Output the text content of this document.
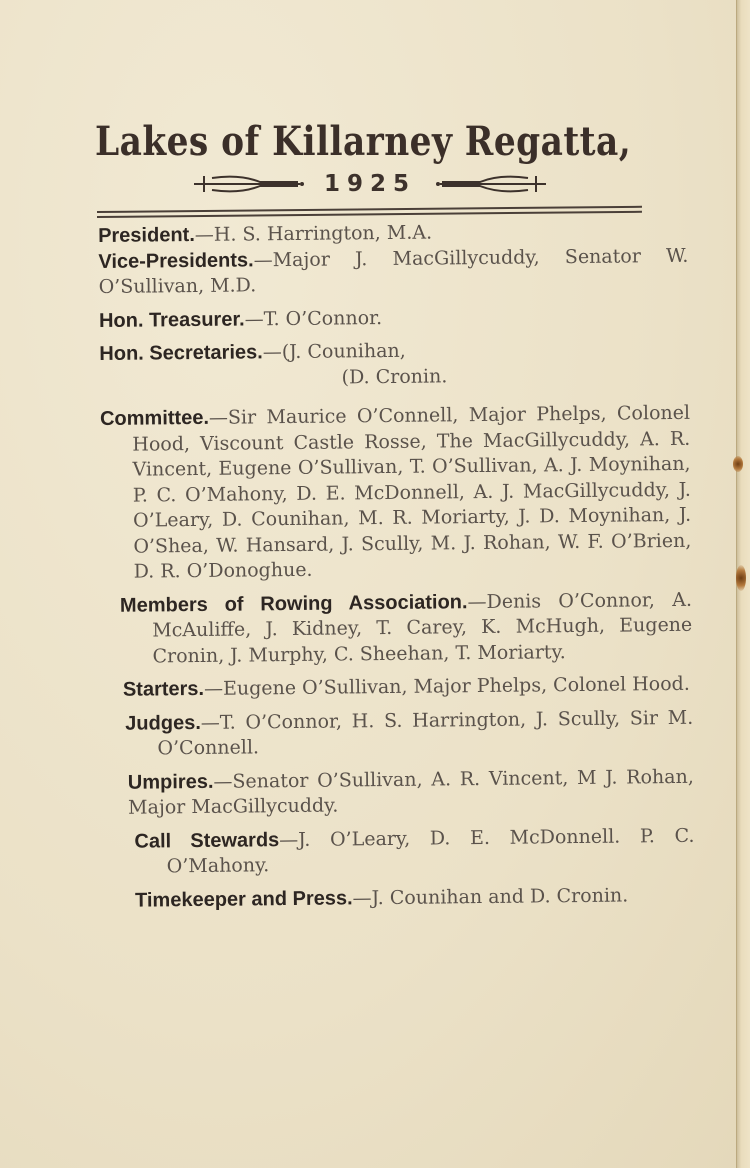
Lakes of Killarney Regatta,
1925

President.—H. S. Harrington, M.A.

Vice-Presidents.—Major J. MacGillycuddy, Senator W. O’Sullivan, M.D.

Hon. Treasurer.—T. O’Connor.

Hon. Secretaries.—(J. Counihan,
(D. Cronin.

Committee.—Sir Maurice O’Connell, Major Phelps, Colonel Hood, Viscount Castle Rosse, The MacGillycuddy, A. R. Vincent, Eugene O’Sullivan, T. O’Sullivan, A. J. Moynihan, P. C. O’Mahony, D. E. McDonnell, A. J. MacGillycuddy, J. O’Leary, D. Counihan, M. R. Moriarty, J. D. Moynihan, J. O’Shea, W. Hansard, J. Scully, M. J. Rohan, W. F. O’Brien, D. R. O’Donoghue.

Members of Rowing Association.—Denis O’Connor, A. McAuliffe, J. Kidney, T. Carey, K. McHugh, Eugene Cronin, J. Murphy, C. Sheehan, T. Moriarty.

Starters.—Eugene O’Sullivan, Major Phelps, Colonel Hood.

Judges.—T. O’Connor, H. S. Harrington, J. Scully, Sir M. O’Connell.

Umpires.—Senator O’Sullivan, A. R. Vincent, M J. Rohan, Major MacGillycuddy.

Call Stewards—J. O’Leary, D. E. McDonnell. P. C. O’Mahony.

Timekeeper and Press.—J. Counihan and D. Cronin.
